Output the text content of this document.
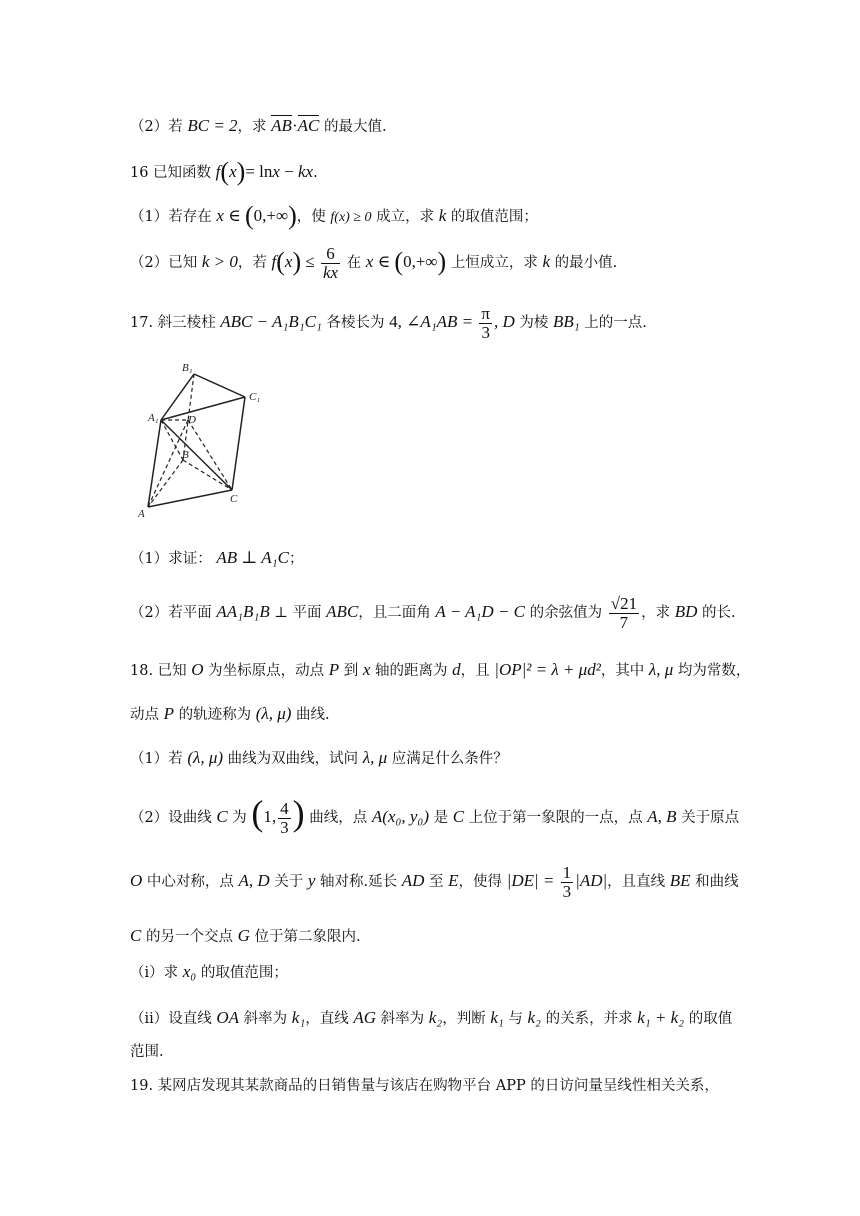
（2）若 BC = 2，求 AB·AC 的最大值.
16 已知函数 f(x)= lnx − kx.
（1）若存在 x ∈ (0,+∞)，使 f(x) ≥ 0 成立，求 k 的取值范围；
（2）已知 k > 0，若 $f(x) \le \frac{6}{kx}$ 在 x ∈ (0,+∞) 上恒成立，求 k 的最小值.
17. 斜三棱柱 ABC − A₁B₁C₁ 各棱长为 4, ∠A₁AB = $\frac{\pi}{3}$ , D 为棱 BB₁ 上的一点.
B₁
C₁
A₁	D
B
C
A
（1）求证： AB ⊥ A₁C；
（2）若平面 AA₁B₁B ⊥ 平面 ABC，且二面角 A − A₁D − C 的余弦值为 $\frac{√21}{7}$ ，求 BD 的长.
18. 已知 O 为坐标原点，动点 P 到 x 轴的距离为 d，且 |OP|² = λ + μd²，其中 λ, μ 均为常数，
动点 P 的轨迹称为 (λ, μ) 曲线.
（1）若 (λ, μ) 曲线为双曲线，试问 λ, μ 应满足什么条件？
（2）设曲线 C 为 (1, $\frac{4}{3}$ ) 曲线，点 A(x₀, y₀) 是 C 上位于第一象限的一点，点 A, B 关于原点
O 中心对称，点 A, D 关于 y 轴对称.延长 AD 至 E，使得 $|DE| = \frac{1}{3} |AD|$，且直线 BE 和曲线
C 的另一个交点 G 位于第二象限内.
（i）求 x₀ 的取值范围；
（ii）设直线 OA 斜率为 k₁，直线 AG 斜率为 k₂，判断 k₁ 与 k₂ 的关系，并求 k₁ + k₂ 的取值
范围.
19. 某网店发现其某款商品的日销售量与该店在购物平台 APP 的日访问量呈线性相关关系，
